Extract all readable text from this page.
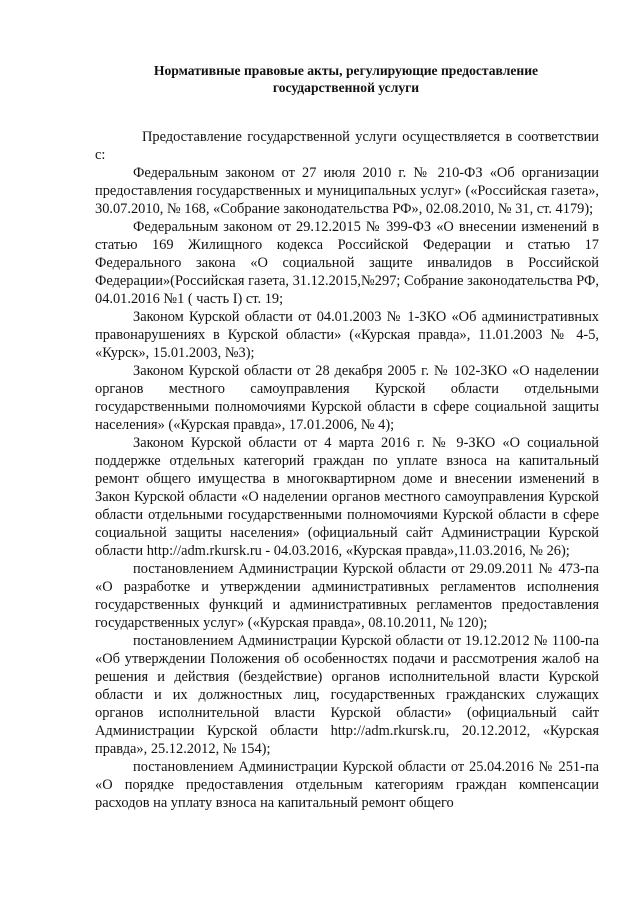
Нормативные правовые акты, регулирующие предоставление
государственной услуги

Предоставление государственной услуги осуществляется в соответствии с:

Федеральным законом от 27 июля 2010 г. № 210-ФЗ «Об организации предоставления государственных и муниципальных услуг» («Российская газета», 30.07.2010, № 168, «Собрание законодательства РФ», 02.08.2010, № 31, ст. 4179);

Федеральным законом от 29.12.2015 № 399-ФЗ «О внесении изменений в статью 169 Жилищного кодекса Российской Федерации и статью 17 Федерального закона «О социальной защите инвалидов в Российской Федерации»(Российская газета, 31.12.2015,№297; Собрание законодательства РФ, 04.01.2016 №1 ( часть I) ст. 19;

Законом Курской области от 04.01.2003 № 1-ЗКО «Об административных правонарушениях в Курской области» («Курская правда», 11.01.2003 № 4-5, «Курск», 15.01.2003, №3);

Законом Курской области от 28 декабря 2005 г. № 102-ЗКО «О наделении органов местного самоуправления Курской области отдельными государственными полномочиями Курской области в сфере социальной защиты населения» («Курская правда», 17.01.2006, № 4);

Законом Курской области от 4 марта 2016 г. № 9-ЗКО «О социальной поддержке отдельных категорий граждан по уплате взноса на капитальный ремонт общего имущества в многоквартирном доме и внесении изменений в Закон Курской области «О наделении органов местного самоуправления Курской области отдельными государственными полномочиями Курской области в сфере социальной защиты населения» (официальный сайт Администрации Курской области http://adm.rkursk.ru - 04.03.2016, «Курская правда»,11.03.2016, № 26);

постановлением Администрации Курской области от 29.09.2011 № 473-па «О разработке и утверждении административных регламентов исполнения государственных функций и административных регламентов предоставления государственных услуг» («Курская правда», 08.10.2011, № 120);

постановлением Администрации Курской области от 19.12.2012 № 1100-па «Об утверждении Положения об особенностях подачи и рассмотрения жалоб на решения и действия (бездействие) органов исполнительной власти Курской области и их должностных лиц, государственных гражданских служащих органов исполнительной власти Курской области» (официальный сайт Администрации Курской области http://adm.rkursk.ru, 20.12.2012, «Курская правда», 25.12.2012, № 154);

постановлением Администрации Курской области от 25.04.2016 № 251-па «О порядке предоставления отдельным категориям граждан компенсации расходов на уплату взноса на капитальный ремонт общего
